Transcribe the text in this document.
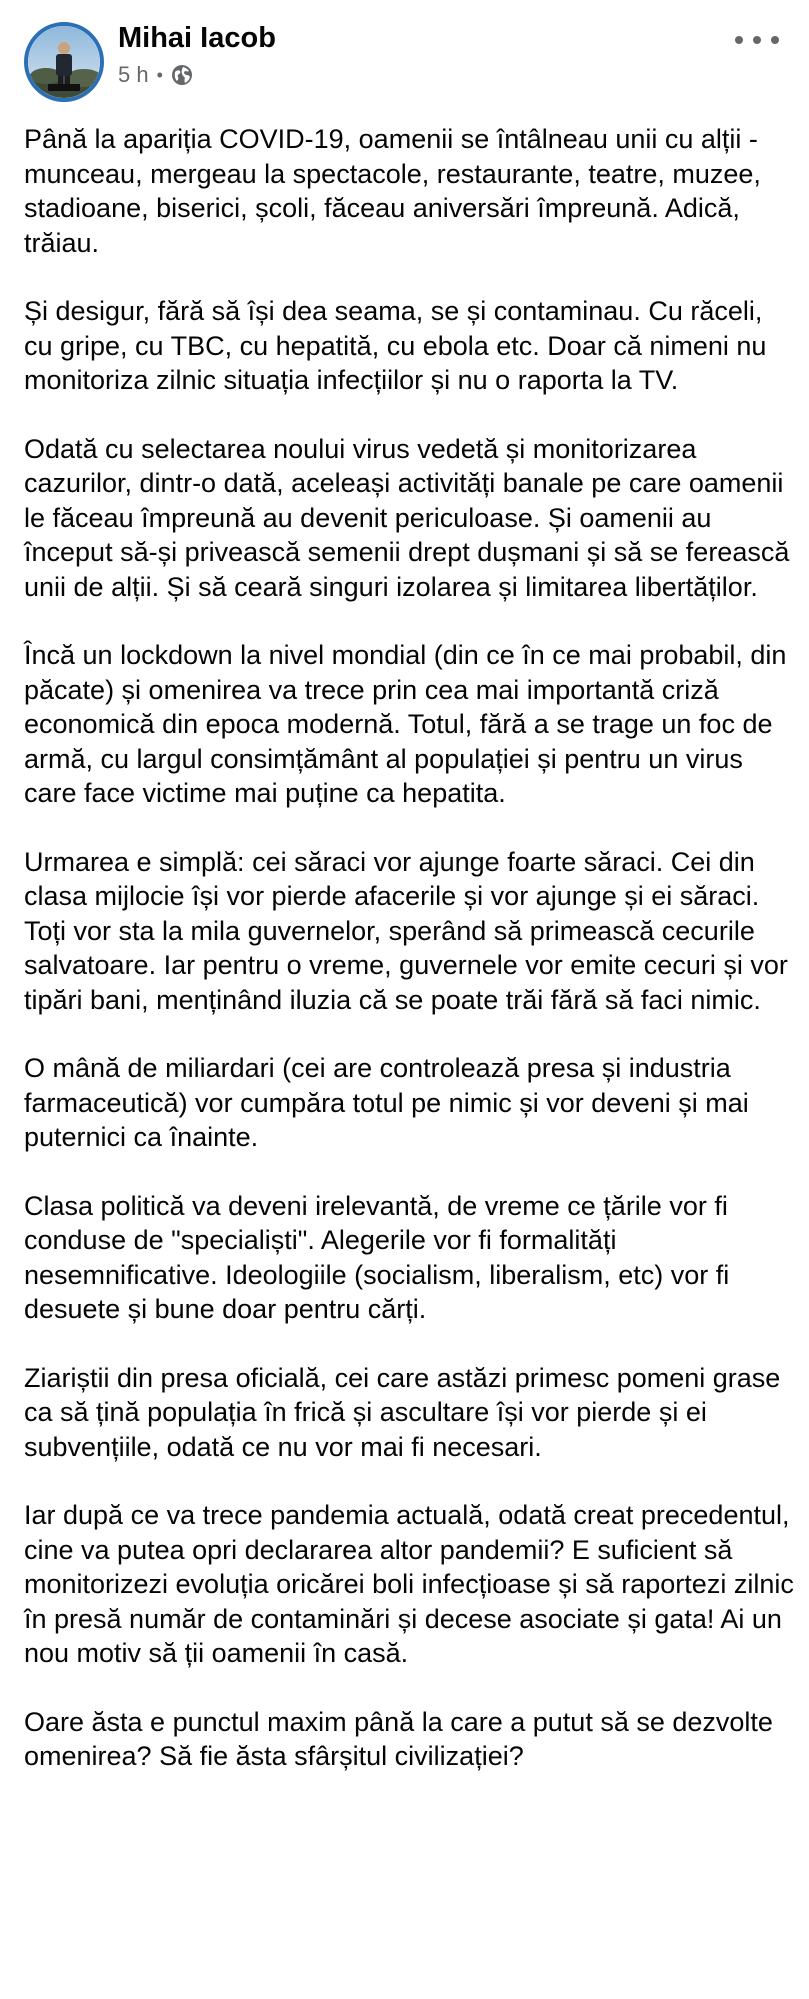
Mihai Iacob
5 h •

Până la apariția COVID-19, oamenii se întâlneau unii cu alții - munceau, mergeau la spectacole, restaurante, teatre, muzee, stadioane, biserici, școli, făceau aniversări împreună. Adică, trăiau.

Și desigur, fără să își dea seama, se și contaminau. Cu răceli, cu gripe, cu TBC, cu hepatită, cu ebola etc. Doar că nimeni nu monitoriza zilnic situația infecțiilor și nu o raporta la TV.

Odată cu selectarea noului virus vedetă și monitorizarea cazurilor, dintr-o dată, aceleași activități banale pe care oamenii le făceau împreună au devenit periculoase. Și oamenii au început să-și privească semenii drept dușmani și să se ferească unii de alții. Și să ceară singuri izolarea și limitarea libertăților.

Încă un lockdown la nivel mondial (din ce în ce mai probabil, din păcate) și omenirea va trece prin cea mai importantă criză economică din epoca modernă. Totul, fără a se trage un foc de armă, cu largul consimțământ al populației și pentru un virus care face victime mai puține ca hepatita.

Urmarea e simplă: cei săraci vor ajunge foarte săraci. Cei din clasa mijlocie își vor pierde afacerile și vor ajunge și ei săraci. Toți vor sta la mila guvernelor, sperând să primească cecurile salvatoare. Iar pentru o vreme, guvernele vor emite cecuri și vor tipări bani, menținând iluzia că se poate trăi fără să faci nimic.

O mână de miliardari (cei are controlează presa și industria farmaceutică) vor cumpăra totul pe nimic și vor deveni și mai puternici ca înainte.

Clasa politică va deveni irelevantă, de vreme ce țările vor fi conduse de "specialiști". Alegerile vor fi formalități nesemnificative. Ideologiile (socialism, liberalism, etc) vor fi desuete și bune doar pentru cărți.

Ziariștii din presa oficială, cei care astăzi primesc pomeni grase ca să țină populația în frică și ascultare își vor pierde și ei subvențiile, odată ce nu vor mai fi necesari.

Iar după ce va trece pandemia actuală, odată creat precedentul, cine va putea opri declararea altor pandemii? E suficient să monitorizezi evoluția oricărei boli infecțioase și să raportezi zilnic în presă număr de contaminări și decese asociate și gata! Ai un nou motiv să ții oamenii în casă.

Oare ăsta e punctul maxim până la care a putut să se dezvolte omenirea? Să fie ăsta sfârșitul civilizației?
